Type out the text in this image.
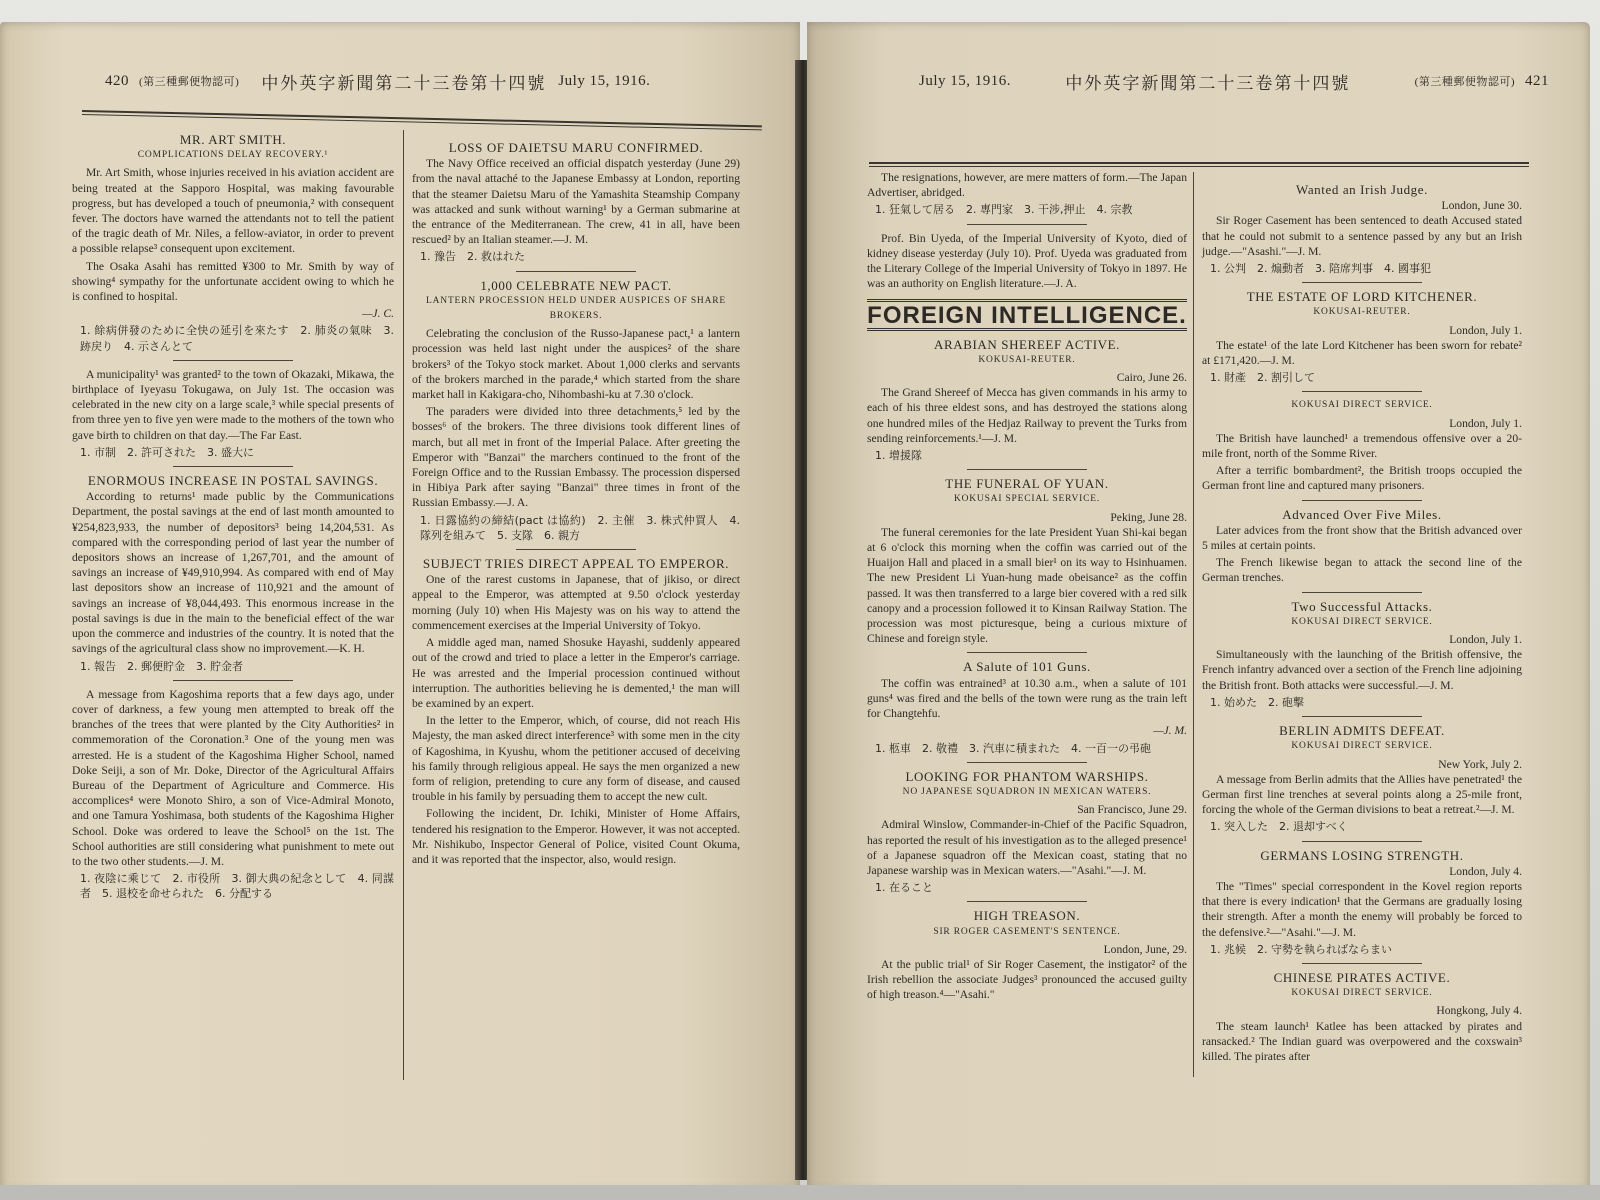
420 (第三種郵便物認可) 中外英字新聞第二十三卷第十四號 July 15, 1916.
MR. ART SMITH.
COMPLICATIONS DELAY RECOVERY.¹

Mr. Art Smith, whose injuries received in his aviation accident are being treated at the Sapporo Hospital, was making favourable progress, but has developed a touch of pneumonia,² with consequent fever. The doctors have warned the attendants not to tell the patient of the tragic death of Mr. Niles, a fellow-aviator, in order to prevent a possible relapse³ consequent upon excitement.

The Osaka Asahi has remitted ¥300 to Mr. Smith by way of showing⁴ sympathy for the unfortunate accident owing to which he is confined to hospital.

—J. C.

1. 餘病併發のために全快の延引を來たす　2. 肺炎の氣味　3. 跡戻り　4. 示さんとて

A municipality¹ was granted² to the town of Okazaki, Mikawa, the birthplace of Iyeyasu Tokugawa, on July 1st. The occasion was celebrated in the new city on a large scale,³ while special presents of from three yen to five yen were made to the mothers of the town who gave birth to children on that day.—The Far East.

1. 市制　2. 許可された　3. 盛大に

ENORMOUS INCREASE IN POSTAL SAVINGS.

According to returns¹ made public by the Communications Department, the postal savings at the end of last month amounted to ¥254,823,933, the number of depositors³ being 14,204,531. As compared with the corresponding period of last year the number of depositors shows an increase of 1,267,701, and the amount of savings an increase of ¥49,910,994. As compared with end of May last depositors show an increase of 110,921 and the amount of savings an increase of ¥8,044,493. This enormous increase in the postal savings is due in the main to the beneficial effect of the war upon the commerce and industries of the country. It is noted that the savings of the agricultural class show no improvement.—K. H.

1. 報告　2. 郵便貯金　3. 貯金者

A message from Kagoshima reports that a few days ago, under cover of darkness, a few young men attempted to break off the branches of the trees that were planted by the City Authorities² in commemoration of the Coronation.³ One of the young men was arrested. He is a student of the Kagoshima Higher School, named Doke Seiji, a son of Mr. Doke, Director of the Agricultural Affairs Bureau of the Department of Agriculture and Commerce. His accomplices⁴ were Monoto Shiro, a son of Vice-Admiral Monoto, and one Tamura Yoshimasa, both students of the Kagoshima Higher School. Doke was ordered to leave the School⁵ on the 1st. The School authorities are still considering what punishment to mete out to the two other students.—J. M.

1. 夜陰に乘じて　2. 市役所　3. 御大典の紀念として　4. 同謀者　5. 退校を命せられた　6. 分配する

LOSS OF DAIETSU MARU CONFIRMED.

The Navy Office received an official dispatch yesterday (June 29) from the naval attaché to the Japanese Embassy at London, reporting that the steamer Daietsu Maru of the Yamashita Steamship Company was attacked and sunk without warning¹ by a German submarine at the entrance of the Mediterranean. The crew, 41 in all, have been rescued² by an Italian steamer.—J. M.

1. 豫告　2. 救はれた

1,000 CELEBRATE NEW PACT.
LANTERN PROCESSION HELD UNDER AUSPICES OF SHARE BROKERS.

Celebrating the conclusion of the Russo-Japanese pact,¹ a lantern procession was held last night under the auspices² of the share brokers³ of the Tokyo stock market. About 1,000 clerks and servants of the brokers marched in the parade,⁴ which started from the share market hall in Kakigara-cho, Nihombashi-ku at 7.30 o'clock.

The paraders were divided into three detachments,⁵ led by the bosses⁶ of the brokers. The three divisions took different lines of march, but all met in front of the Imperial Palace. After greeting the Emperor with "Banzai" the marchers continued to the front of the Foreign Office and to the Russian Embassy. The procession dispersed in Hibiya Park after saying "Banzai" three times in front of the Russian Embassy.—J. A.

1. 日露協約の締結(pact は協約)　2. 主催　3. 株式仲買人　4. 隊列を組みて　5. 支隊　6. 親方

SUBJECT TRIES DIRECT APPEAL TO EMPEROR.

One of the rarest customs in Japanese, that of jikiso, or direct appeal to the Emperor, was attempted at 9.50 o'clock yesterday morning (July 10) when His Majesty was on his way to attend the commencement exercises at the Imperial University of Tokyo.

A middle aged man, named Shosuke Hayashi, suddenly appeared out of the crowd and tried to place a letter in the Emperor's carriage. He was arrested and the Imperial procession continued without interruption. The authorities believing he is demented,¹ the man will be examined by an expert.

In the letter to the Emperor, which, of course, did not reach His Majesty, the man asked direct interference³ with some men in the city of Kagoshima, in Kyushu, whom the petitioner accused of deceiving his family through religious appeal. He says the men organized a new form of religion, pretending to cure any form of disease, and caused trouble in his family by persuading them to accept the new cult.

Following the incident, Dr. Ichiki, Minister of Home Affairs, tendered his resignation to the Emperor. However, it was not accepted. Mr. Nishikubo, Inspector General of Police, visited Count Okuma, and it was reported that the inspector, also, would resign.

July 15, 1916.	中外英字新聞第二十三卷第十四號	(第三種郵便物認可) 421

The resignations, however, are mere matters of form.—The Japan Advertiser, abridged.

1. 狂氣して居る　2. 專門家　3. 干涉,押止　4. 宗教

Prof. Bin Uyeda, of the Imperial University of Kyoto, died of kidney disease yesterday (July 10). Prof. Uyeda was graduated from the Literary College of the Imperial University of Tokyo in 1897. He was an authority on English literature.—J. A.

FOREIGN INTELLIGENCE.
ARABIAN SHEREEF ACTIVE.
KOKUSAI-REUTER.

Cairo, June 26.

The Grand Shereef of Mecca has given commands in his army to each of his three eldest sons, and has destroyed the stations along one hundred miles of the Hedjaz Railway to prevent the Turks from sending reinforcements.¹—J. M.

1. 增援隊

THE FUNERAL OF YUAN.
KOKUSAI SPECIAL SERVICE.

Peking, June 28.

The funeral ceremonies for the late President Yuan Shi-kai began at 6 o'clock this morning when the coffin was carried out of the Huaijon Hall and placed in a small bier¹ on its way to Hsinhuamen. The new President Li Yuan-hung made obeisance² as the coffin passed. It was then transferred to a large bier covered with a red silk canopy and a procession followed it to Kinsan Railway Station. The procession was most picturesque, being a curious mixture of Chinese and foreign style.

A Salute of 101 Guns.

The coffin was entrained³ at 10.30 a.m., when a salute of 101 guns⁴ was fired and the bells of the town were rung as the train left for Changtehfu.

—J. M.

1. 柩車　2. 敬禮　3. 汽車に積まれた　4. 一百一の弔砲

LOOKING FOR PHANTOM WARSHIPS.
NO JAPANESE SQUADRON IN MEXICAN WATERS.

San Francisco, June 29.

Admiral Winslow, Commander-in-Chief of the Pacific Squadron, has reported the result of his investigation as to the alleged presence¹ of a Japanese squadron off the Mexican coast, stating that no Japanese warship was in Mexican waters.—"Asahi."—J. M.

1. 在ること

HIGH TREASON.
SIR ROGER CASEMENT'S SENTENCE.

London, June, 29.

At the public trial¹ of Sir Roger Casement, the instigator² of the Irish rebellion the associate Judges³ pronounced the accused guilty of high treason.⁴—"Asahi."

Wanted an Irish Judge.

London, June 30.

Sir Roger Casement has been sentenced to death Accused stated that he could not submit to a sentence passed by any but an Irish judge.—"Asashi."—J. M.

1. 公判　2. 煽動者　3. 陪席判事　4. 國事犯

THE ESTATE OF LORD KITCHENER.
KOKUSAI-REUTER.

London, July 1.

The estate¹ of the late Lord Kitchener has been sworn for rebate² at £171,420.—J. M.

1. 財產　2. 割引して

KOKUSAI DIRECT SERVICE.

London, July 1.

The British have launched¹ a tremendous offensive over a 20-mile front, north of the Somme River.

After a terrific bombardment², the British troops occupied the German front line and captured many prisoners.

Advanced Over Five Miles.

Later advices from the front show that the British advanced over 5 miles at certain points.

The French likewise began to attack the second line of the German trenches.

Two Successful Attacks.
KOKUSAI DIRECT SERVICE.

London, July 1.

Simultaneously with the launching of the British offensive, the French infantry advanced over a section of the French line adjoining the British front. Both attacks were successful.—J. M.

1. 始めた　2. 砲擊

BERLIN ADMITS DEFEAT.
KOKUSAI DIRECT SERVICE.

New York, July 2.

A message from Berlin admits that the Allies have penetrated¹ the German first line trenches at several points along a 25-mile front, forcing the whole of the German divisions to beat a retreat.²—J. M.

1. 突入した　2. 退却すべく

GERMANS LOSING STRENGTH.

London, July 4.

The "Times" special correspondent in the Kovel region reports that there is every indication¹ that the Germans are gradually losing their strength. After a month the enemy will probably be forced to the defensive.²—"Asahi."—J. M.

1. 兆候　2. 守勢を執らればならまい

CHINESE PIRATES ACTIVE.
KOKUSAI DIRECT SERVICE.

Hongkong, July 4.

The steam launch¹ Katlee has been attacked by pirates and ransacked.² The Indian guard was overpowered and the coxswain³ killed. The pirates after
